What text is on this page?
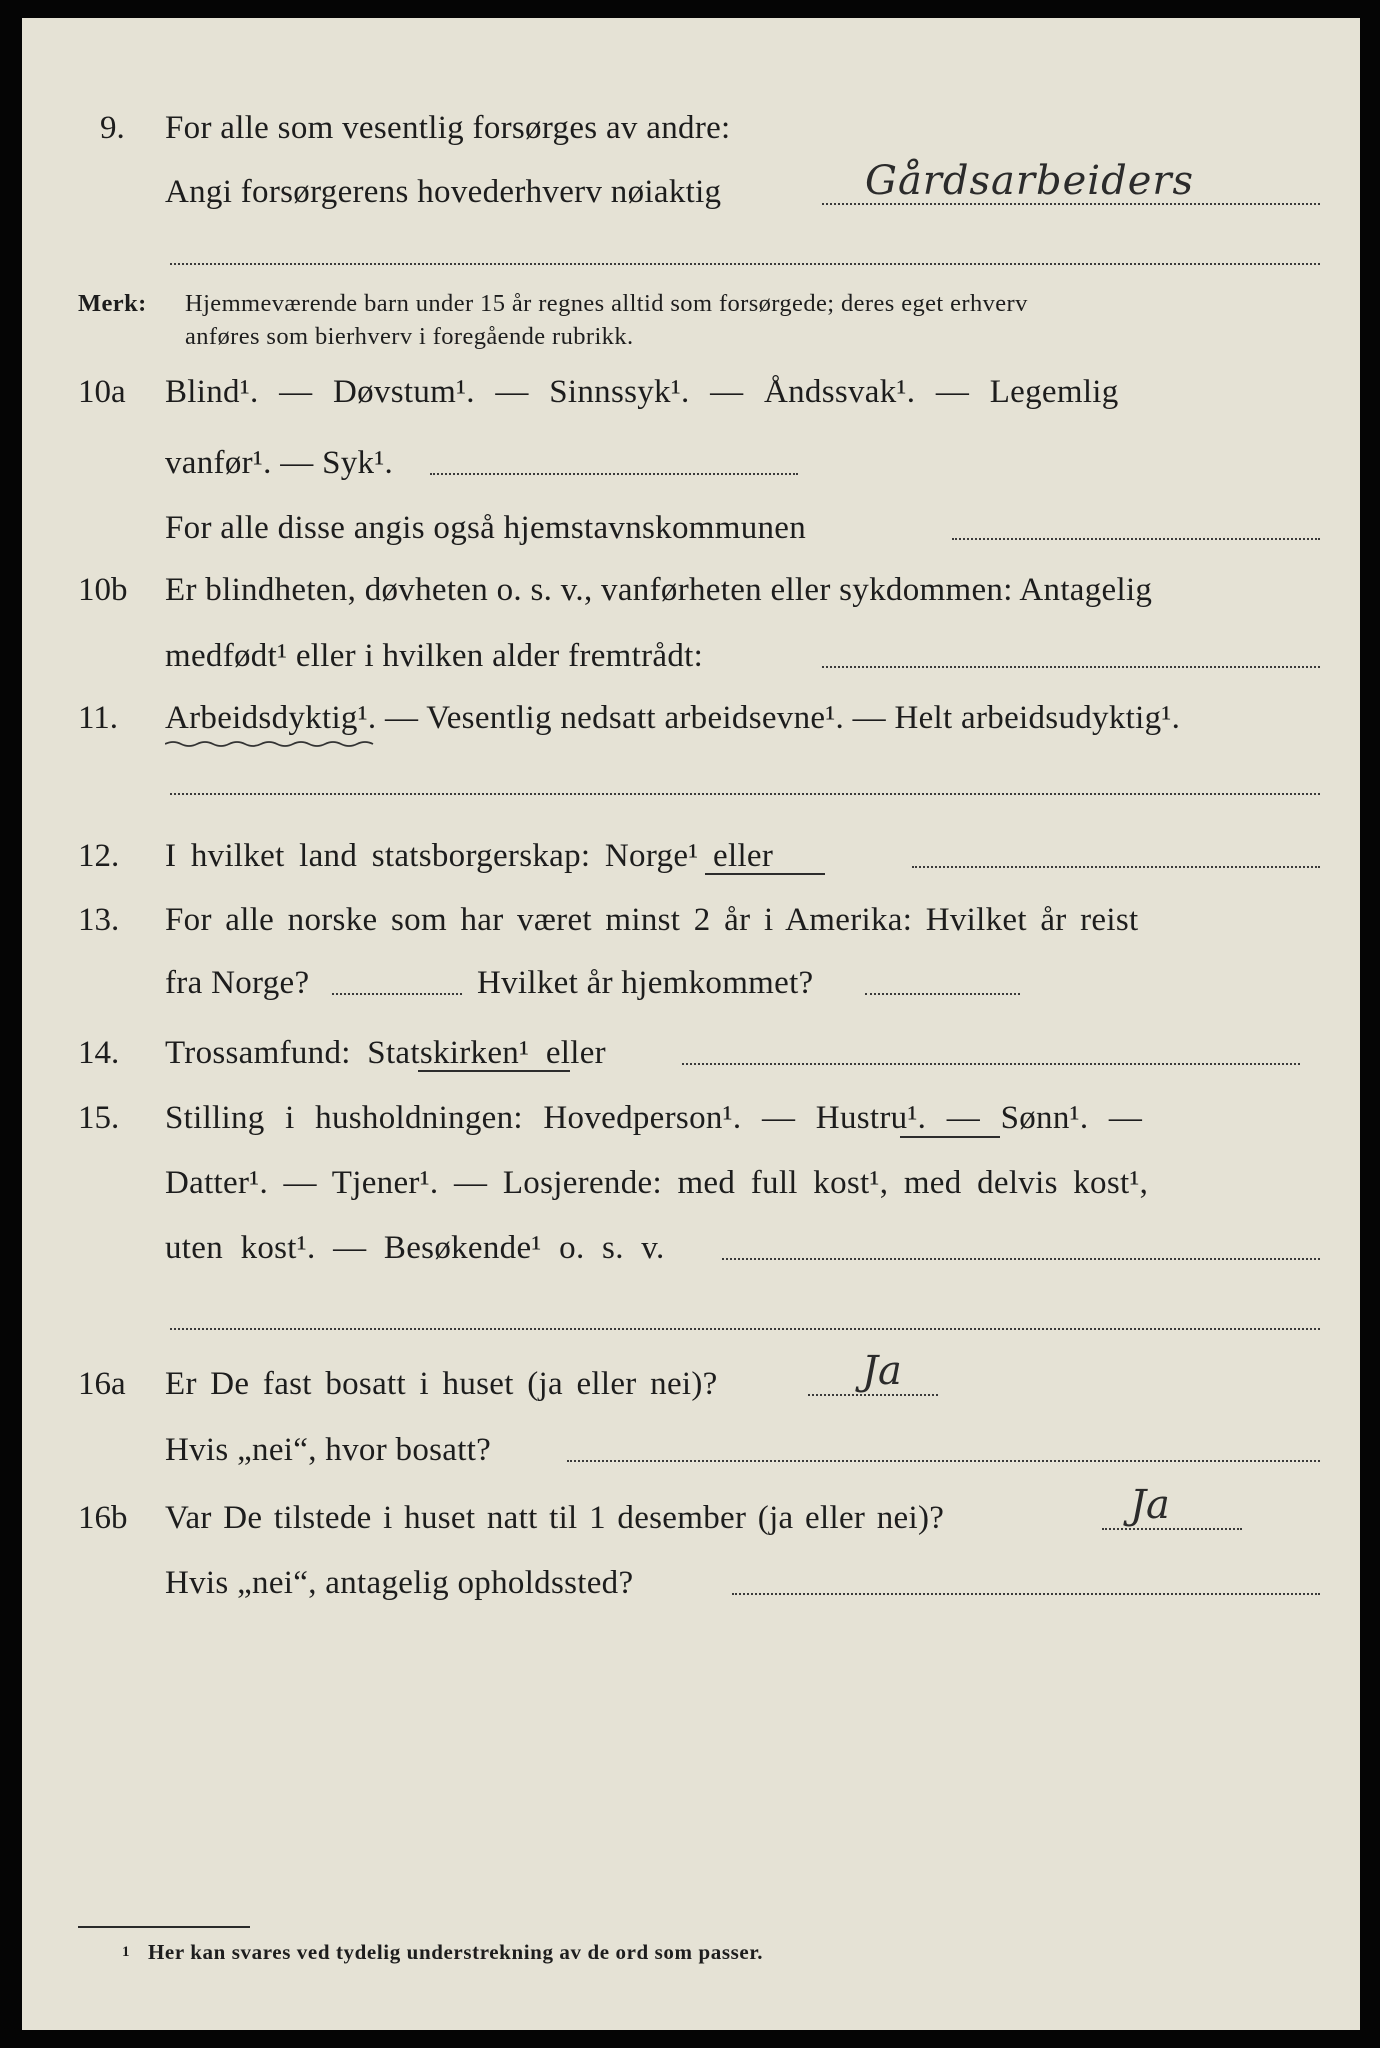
9. For alle som vesentlig forsørges av andre:
Angi forsørgerens hovederhverv nøiaktig	Gårdsarbeiders
Merk: Hjemmeværende barn under 15 år regnes alltid som forsørgede; deres eget erhverv
anføres som bierhverv i foregående rubrikk.
10a Blind¹. — Døvstum¹. — Sinnssyk¹. — Åndssvak¹. — Legemlig
vanfør¹. — Syk¹.
For alle disse angis også hjemstavnskommunen
10b Er blindheten, døvheten o. s. v., vanførheten eller sykdommen: Antagelig
medfødt¹ eller i hvilken alder fremtrådt:
11. Arbeidsdyktig¹. — Vesentlig nedsatt arbeidsevne¹. — Helt arbeidsudyktig¹.
12. I hvilket land statsborgerskap: Norge¹ eller
13. For alle norske som har været minst 2 år i Amerika: Hvilket år reist
fra Norge?	Hvilket år hjemkommet?
14. Trossamfund: Statskirken¹ eller
15. Stilling i husholdningen: Hovedperson¹. — Hustru¹. — Sønn¹. —
Datter¹. — Tjener¹. — Losjerende: med full kost¹, med delvis kost¹,
uten kost¹. — Besøkende¹ o. s. v.
16a Er De fast bosatt i huset (ja eller nei)?	Ja
Hvis „nei“, hvor bosatt?
16b Var De tilstede i huset natt til 1 desember (ja eller nei)?	Ja
Hvis „nei“, antagelig opholdssted?
1 Her kan svares ved tydelig understrekning av de ord som passer.
